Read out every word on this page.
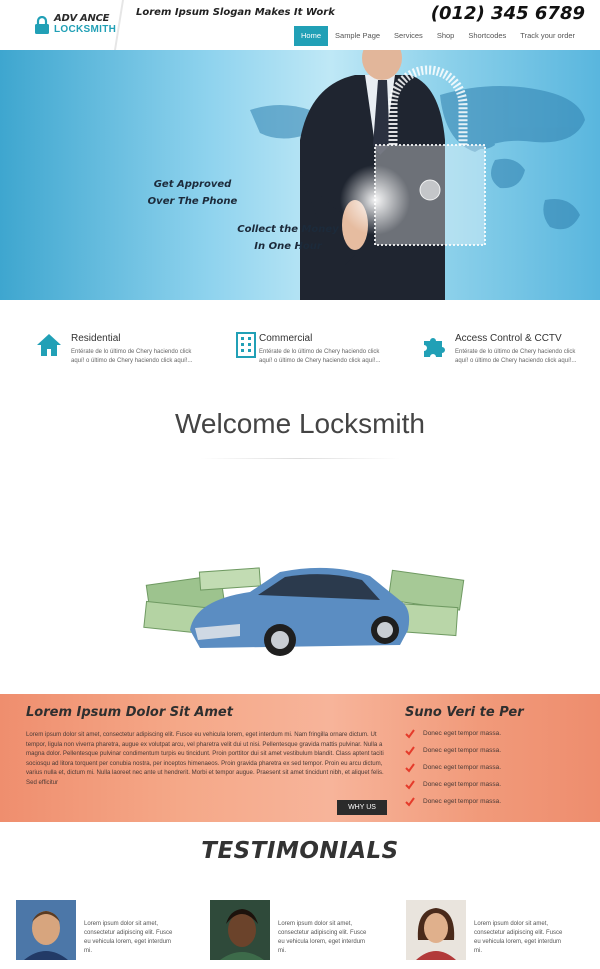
ADV ANCE
LOCKSMITH
Lorem Ipsum Slogan Makes It Work	(012) 345 6789
Home	Sample Page	Services	Shop	Shortcodes	Track your order
Get Approved
Over The Phone
Collect the Money
In One Hour
Residential
Entérate de lo último de Chery haciendo click aquí! o último de Chery haciendo click aquí!...
Commercial
Entérate de lo último de Chery haciendo click aquí! o último de Chery haciendo click aquí!...
Access Control & CCTV
Entérate de lo último de Chery haciendo click aquí! o último de Chery haciendo click aquí!...
Welcome Locksmith
Lorem Ipsum Dolor Sit Amet
Lorem ipsum dolor sit amet, consectetur adipiscing elit. Fusce eu vehicula lorem, eget interdum mi. Nam fringilla ornare dictum. Ut tempor, ligula non viverra pharetra, augue ex volutpat arcu, vel pharetra velit dui ut nisi. Pellentesque gravida mattis pulvinar. Nulla a magna dolor. Pellentesque pulvinar condimentum turpis eu tincidunt. Proin porttitor dui sit amet vestibulum blandit. Class aptent taciti sociosqu ad litora torquent per conubia nostra, per inceptos himenaeos. Proin gravida pharetra ex sed tempor. Proin eu arcu dictum, varius nulla et, dictum mi. Nulla laoreet nec ante ut hendrerit. Morbi et tempor augue. Praesent sit amet tincidunt nibh, et aliquet felis. Sed efficitur
WHY US
Suno Veri te Per
Donec eget tempor massa.
Donec eget tempor massa.
Donec eget tempor massa.
Donec eget tempor massa.
Donec eget tempor massa.
TESTIMONIALS
Lorem ipsum dolor sit amet, consectetur adipiscing elit. Fusce eu vehicula lorem, eget interdum mi.
Lorem ipsum dolor sit amet, consectetur adipiscing elit. Fusce eu vehicula lorem, eget interdum mi.
Lorem ipsum dolor sit amet, consectetur adipiscing elit. Fusce eu vehicula lorem, eget interdum mi.
